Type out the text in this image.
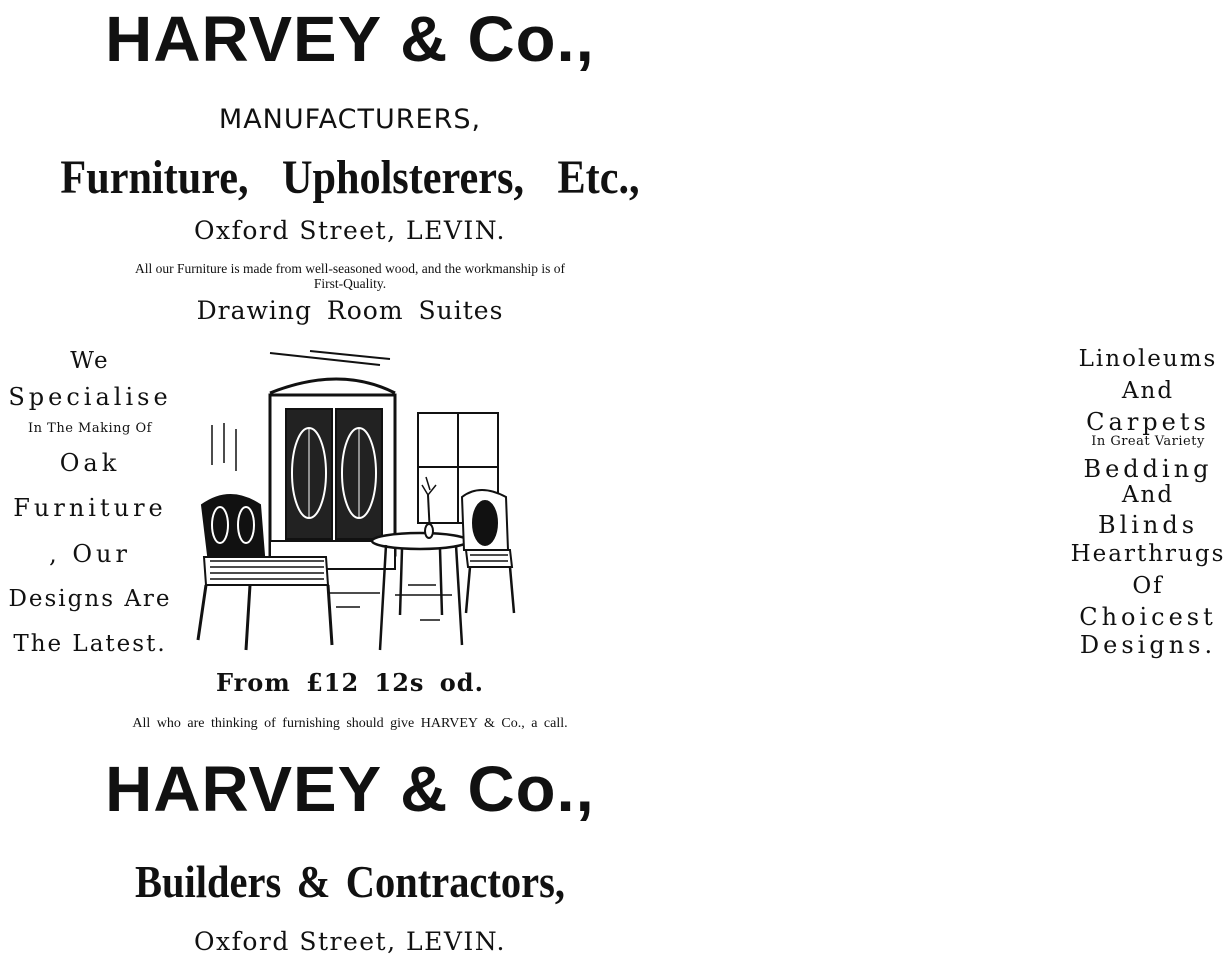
HARVEY & Co.,
MANUFACTURERS,
Furniture, Upholsterers, Etc.,
Oxford Street, LEVIN.
All our Furniture is made from well-seasoned wood, and the workmanship is of
First-Quality.
Drawing Room Suites
We
Specialise
In The Making Of
Oak
Furniture
, Our
Designs Are
The Latest.
Linoleums
And
Carpets
In Great Variety
Bedding
And
Blinds
Hearthrugs
Of
Choicest
Designs.
From £12 12s od.
All who are thinking of furnishing should give HARVEY & Co., a call.
HARVEY & Co.,
Builders & Contractors,
Oxford Street, LEVIN.
